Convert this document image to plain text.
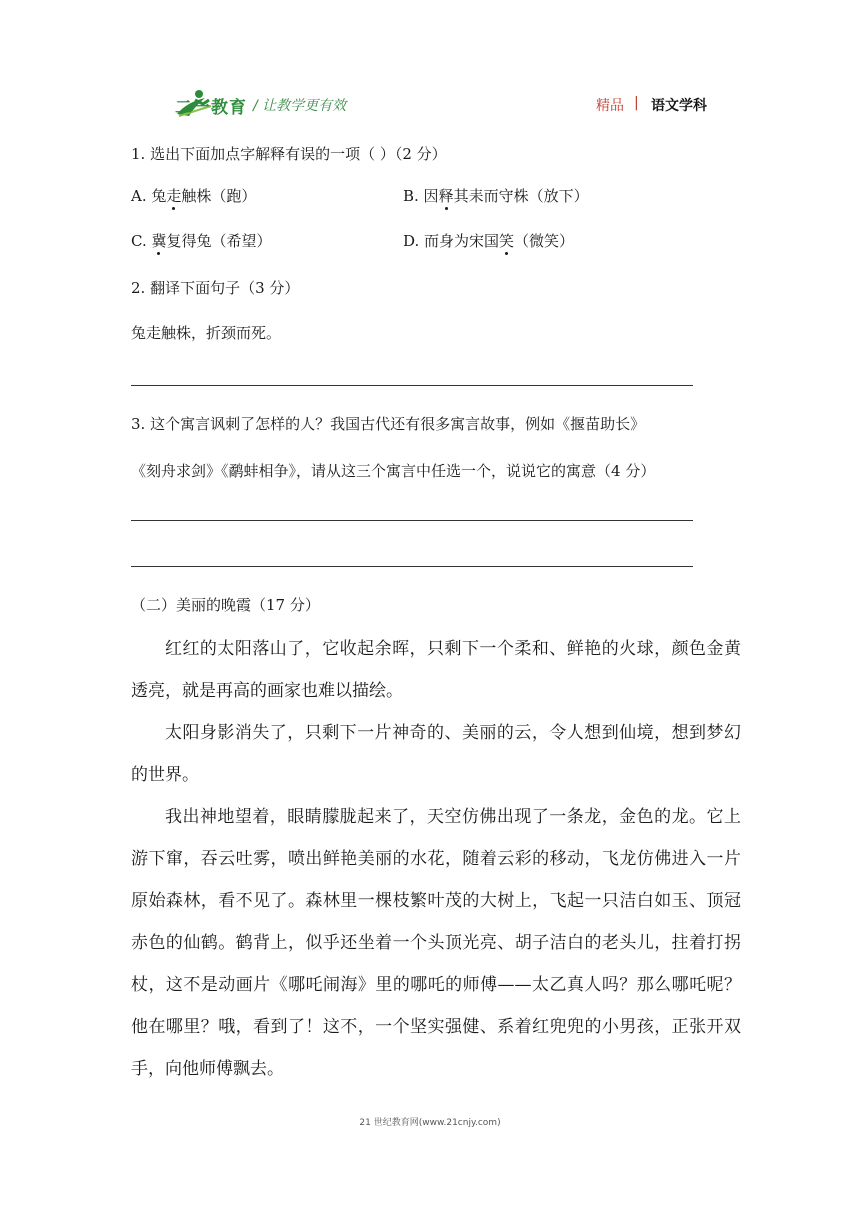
二一教育 / 让教学更有效	精品 | 语文学科
1. 选出下面加点字解释有误的一项（ ）（2 分）
A. 兔走触株（跑）	B. 因释其耒而守株（放下）
C. 冀复得兔（希望）	D. 而身为宋国笑（微笑）
2. 翻译下面句子（3 分）
兔走触株，折颈而死。
3. 这个寓言讽刺了怎样的人？我国古代还有很多寓言故事，例如《揠苗助长》
《刻舟求剑》《鹬蚌相争》，请从这三个寓言中任选一个，说说它的寓意（4 分）
（二）美丽的晚霞（17 分）
红红的太阳落山了，它收起余晖，只剩下一个柔和、鲜艳的火球，颜色金黄透亮，就是再高的画家也难以描绘。
太阳身影消失了，只剩下一片神奇的、美丽的云，令人想到仙境，想到梦幻的世界。
我出神地望着，眼睛朦胧起来了，天空仿佛出现了一条龙，金色的龙。它上游下窜，吞云吐雾，喷出鲜艳美丽的水花，随着云彩的移动，飞龙仿佛进入一片原始森林，看不见了。森林里一棵枝繁叶茂的大树上，飞起一只洁白如玉、顶冠赤色的仙鹤。鹤背上，似乎还坐着一个头顶光亮、胡子洁白的老头儿，拄着打拐杖，这不是动画片《哪吒闹海》里的哪吒的师傅——太乙真人吗？那么哪吒呢？他在哪里？哦，看到了！这不，一个坚实强健、系着红兜兜的小男孩，正张开双手，向他师傅飘去。
21 世纪教育网(www.21cnjy.com)
